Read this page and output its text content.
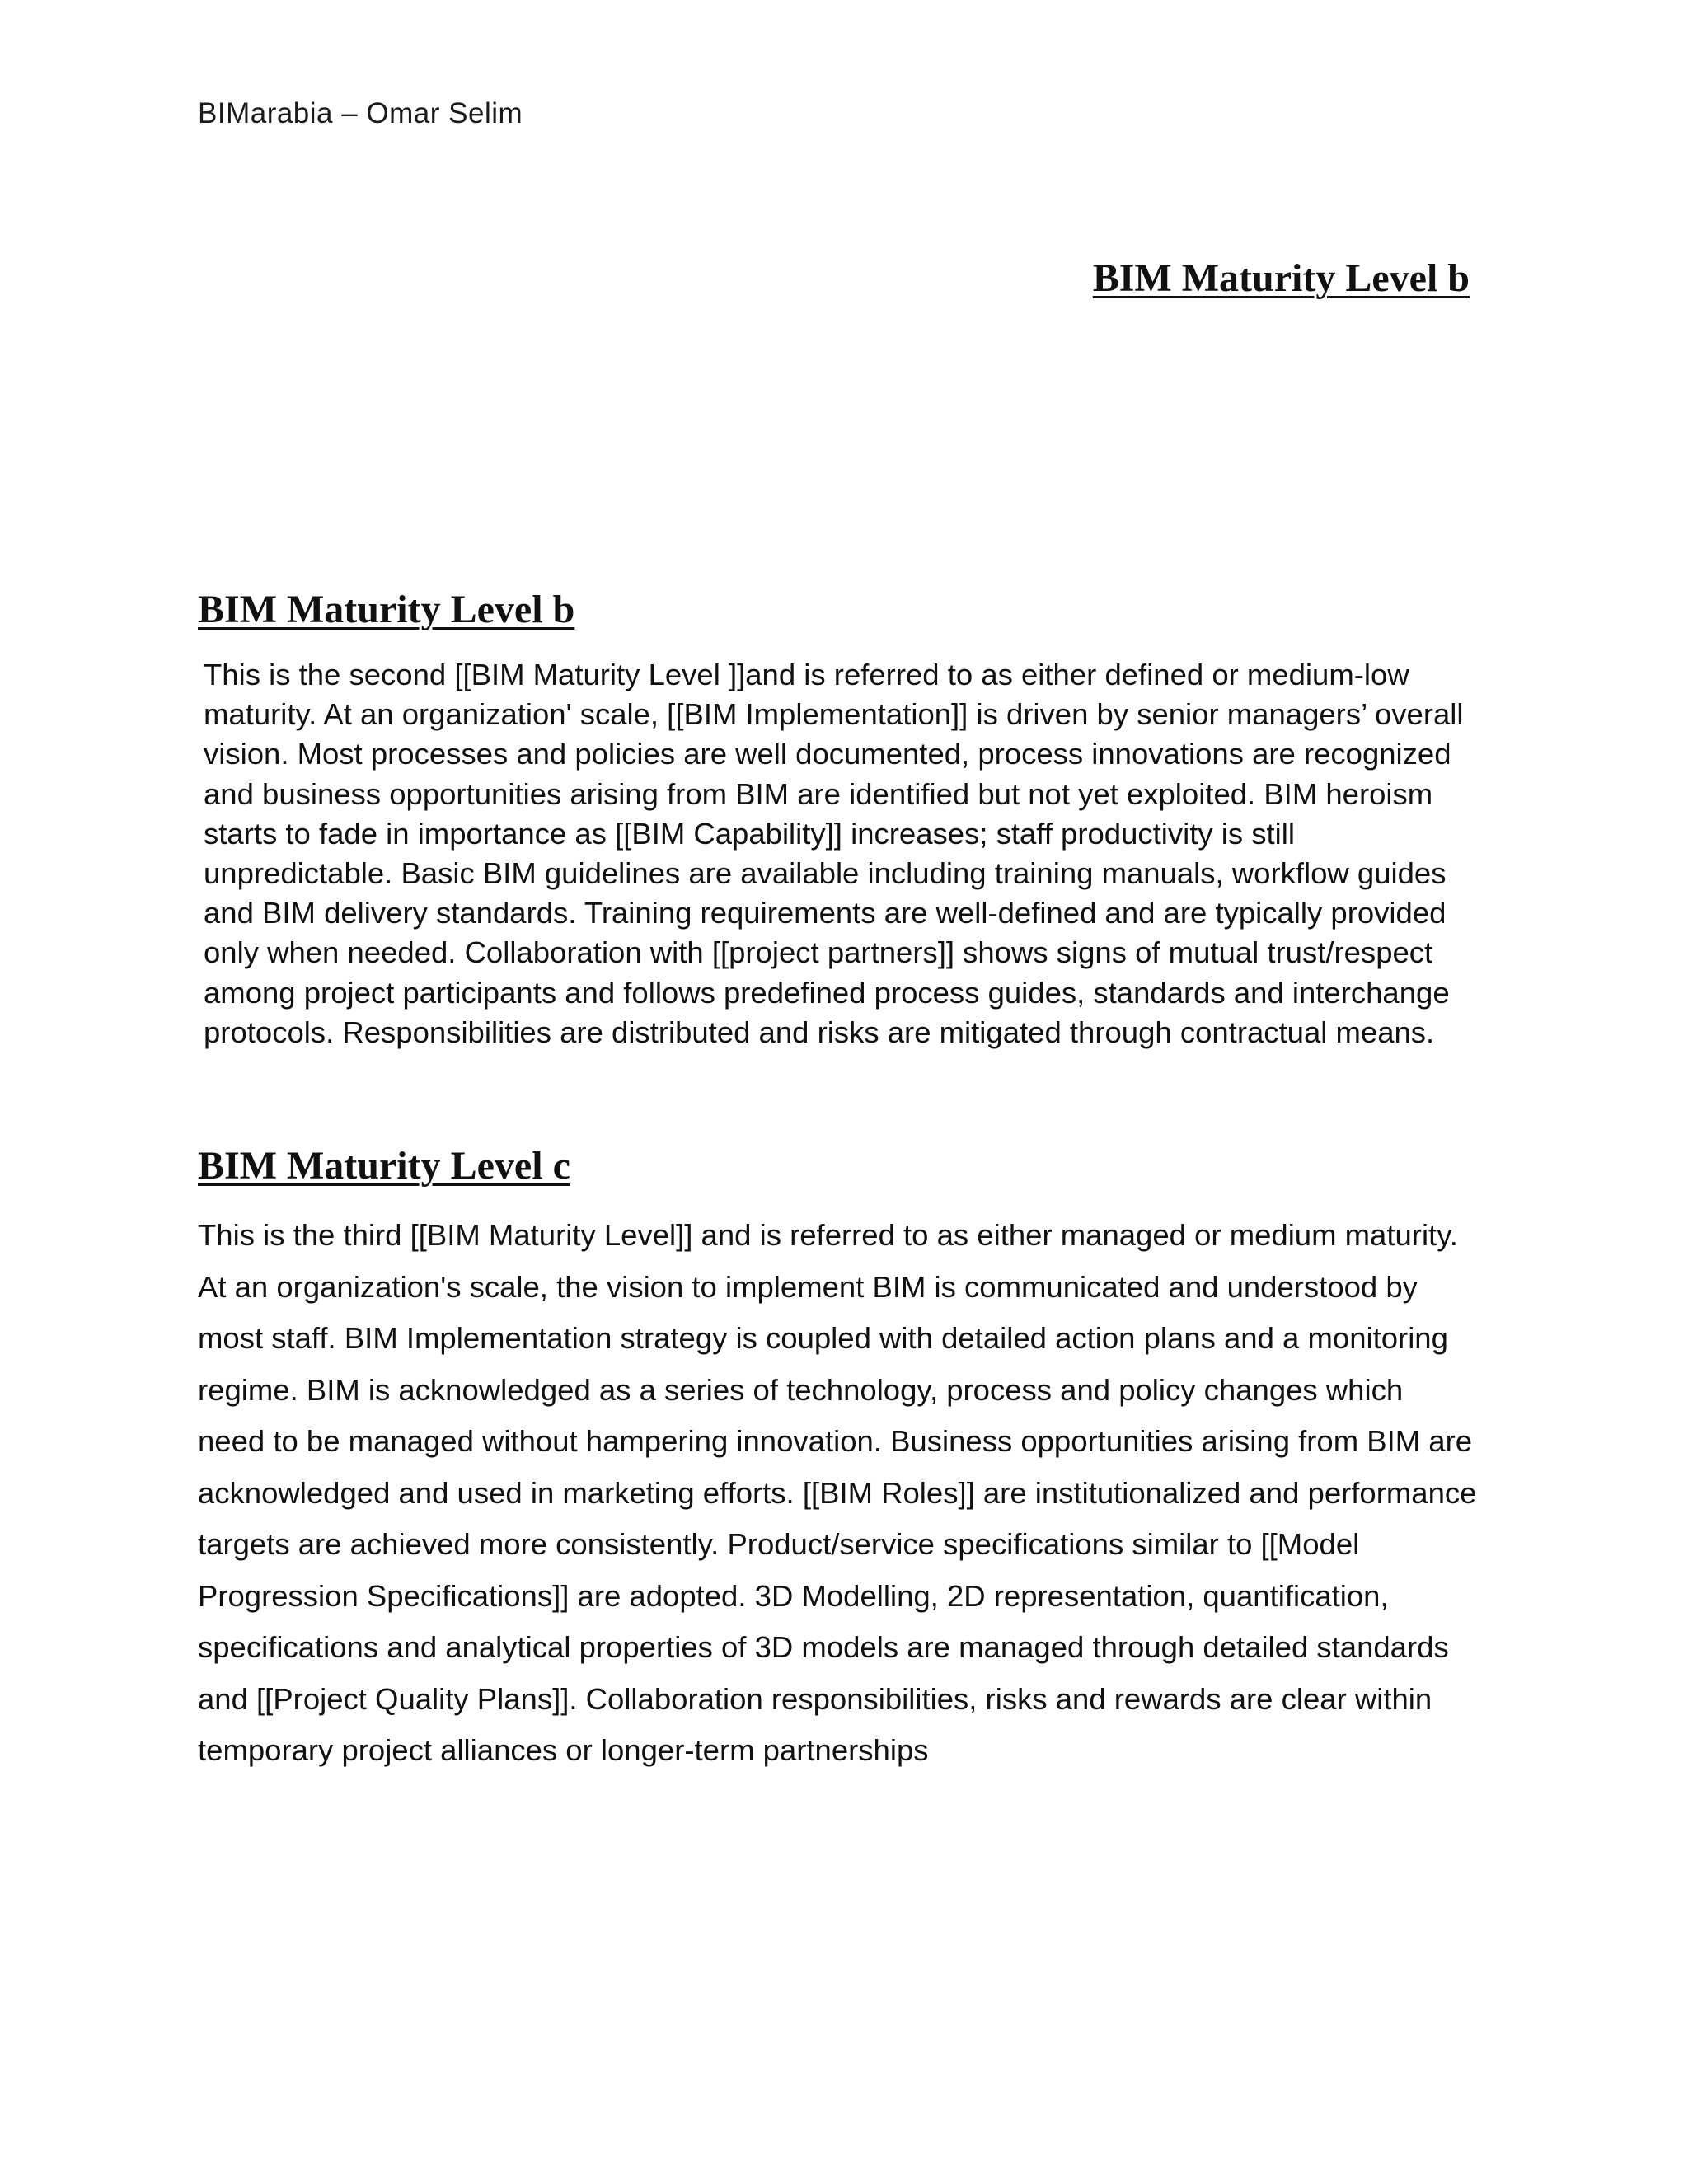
BIMarabia – Omar Selim
BIM Maturity Level b
BIM Maturity Level b

This is the second [[BIM Maturity Level ]]and is referred to as either defined or medium-low
maturity. At an organization' scale, [[BIM Implementation]] is driven by senior managers’ overall
vision. Most processes and policies are well documented, process innovations are recognized
and business opportunities arising from BIM are identified but not yet exploited. BIM heroism
starts to fade in importance as [[BIM Capability]] increases; staff productivity is still
unpredictable. Basic BIM guidelines are available including training manuals, workflow guides
and BIM delivery standards. Training requirements are well-defined and are typically provided
only when needed. Collaboration with [[project partners]] shows signs of mutual trust/respect
among project participants and follows predefined process guides, standards and interchange
protocols. Responsibilities are distributed and risks are mitigated through contractual means.

BIM Maturity Level c

This is the third [[BIM Maturity Level]] and is referred to as either managed or medium maturity.
At an organization's scale, the vision to implement BIM is communicated and understood by
most staff. BIM Implementation strategy is coupled with detailed action plans and a monitoring
regime. BIM is acknowledged as a series of technology, process and policy changes which
need to be managed without hampering innovation. Business opportunities arising from BIM are
acknowledged and used in marketing efforts. [[BIM Roles]] are institutionalized and performance
targets are achieved more consistently. Product/service specifications similar to [[Model
Progression Specifications]] are adopted. 3D Modelling, 2D representation, quantification,
specifications and analytical properties of 3D models are managed through detailed standards
and [[Project Quality Plans]]. Collaboration responsibilities, risks and rewards are clear within
temporary project alliances or longer-term partnerships
